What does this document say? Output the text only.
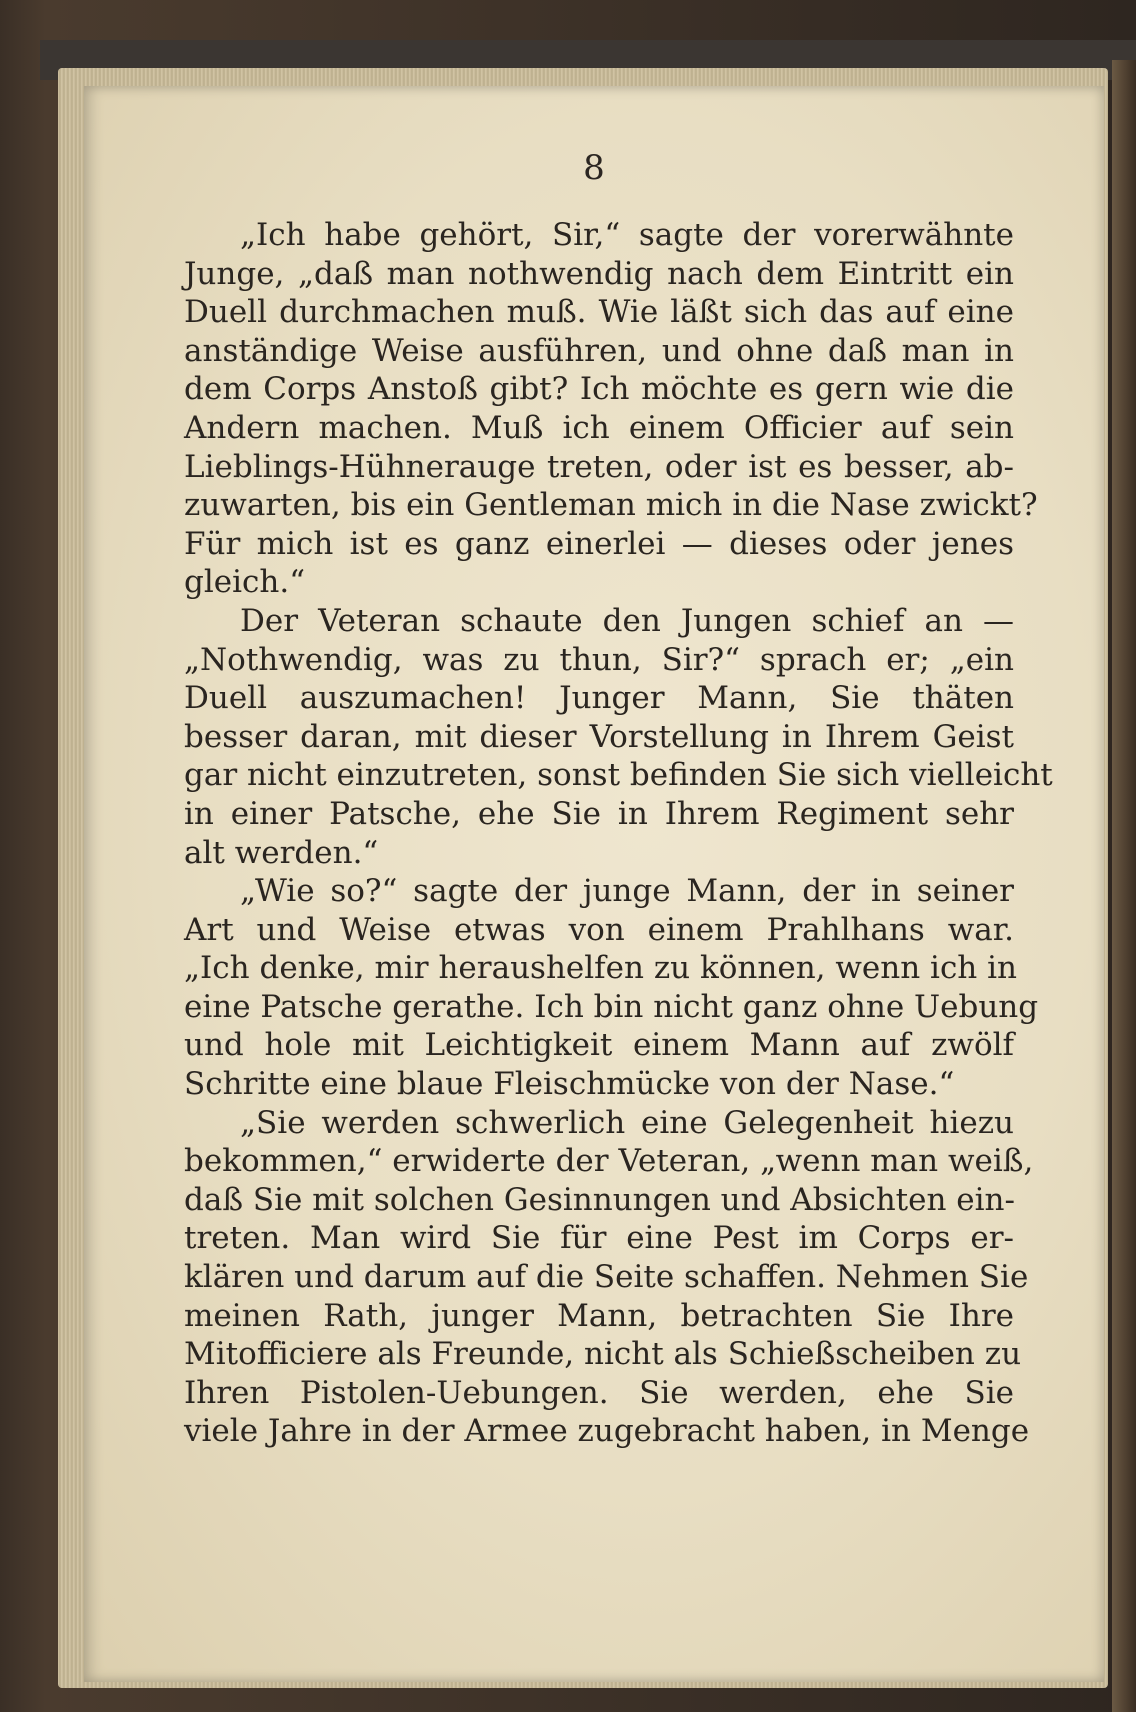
8

„Ich habe gehört, Sir,“ sagte der vorerwähnte
Junge, „daß man nothwendig nach dem Eintritt ein
Duell durchmachen muß. Wie läßt sich das auf eine
anständige Weise ausführen, und ohne daß man in
dem Corps Anstoß gibt? Ich möchte es gern wie die
Andern machen. Muß ich einem Officier auf sein
Lieblings-Hühnerauge treten, oder ist es besser, ab-
zuwarten, bis ein Gentleman mich in die Nase zwickt?
Für mich ist es ganz einerlei — dieses oder jenes
gleich.“

Der Veteran schaute den Jungen schief an —
„Nothwendig, was zu thun, Sir?“ sprach er; „ein
Duell auszumachen! Junger Mann, Sie thäten
besser daran, mit dieser Vorstellung in Ihrem Geist
gar nicht einzutreten, sonst befinden Sie sich vielleicht
in einer Patsche, ehe Sie in Ihrem Regiment sehr
alt werden.“

„Wie so?“ sagte der junge Mann, der in seiner
Art und Weise etwas von einem Prahlhans war.
„Ich denke, mir heraushelfen zu können, wenn ich in
eine Patsche gerathe. Ich bin nicht ganz ohne Uebung
und hole mit Leichtigkeit einem Mann auf zwölf
Schritte eine blaue Fleischmücke von der Nase.“

„Sie werden schwerlich eine Gelegenheit hiezu
bekommen,“ erwiderte der Veteran, „wenn man weiß,
daß Sie mit solchen Gesinnungen und Absichten ein-
treten. Man wird Sie für eine Pest im Corps er-
klären und darum auf die Seite schaffen. Nehmen Sie
meinen Rath, junger Mann, betrachten Sie Ihre
Mitofficiere als Freunde, nicht als Schießscheiben zu
Ihren Pistolen-Uebungen. Sie werden, ehe Sie
viele Jahre in der Armee zugebracht haben, in Menge
